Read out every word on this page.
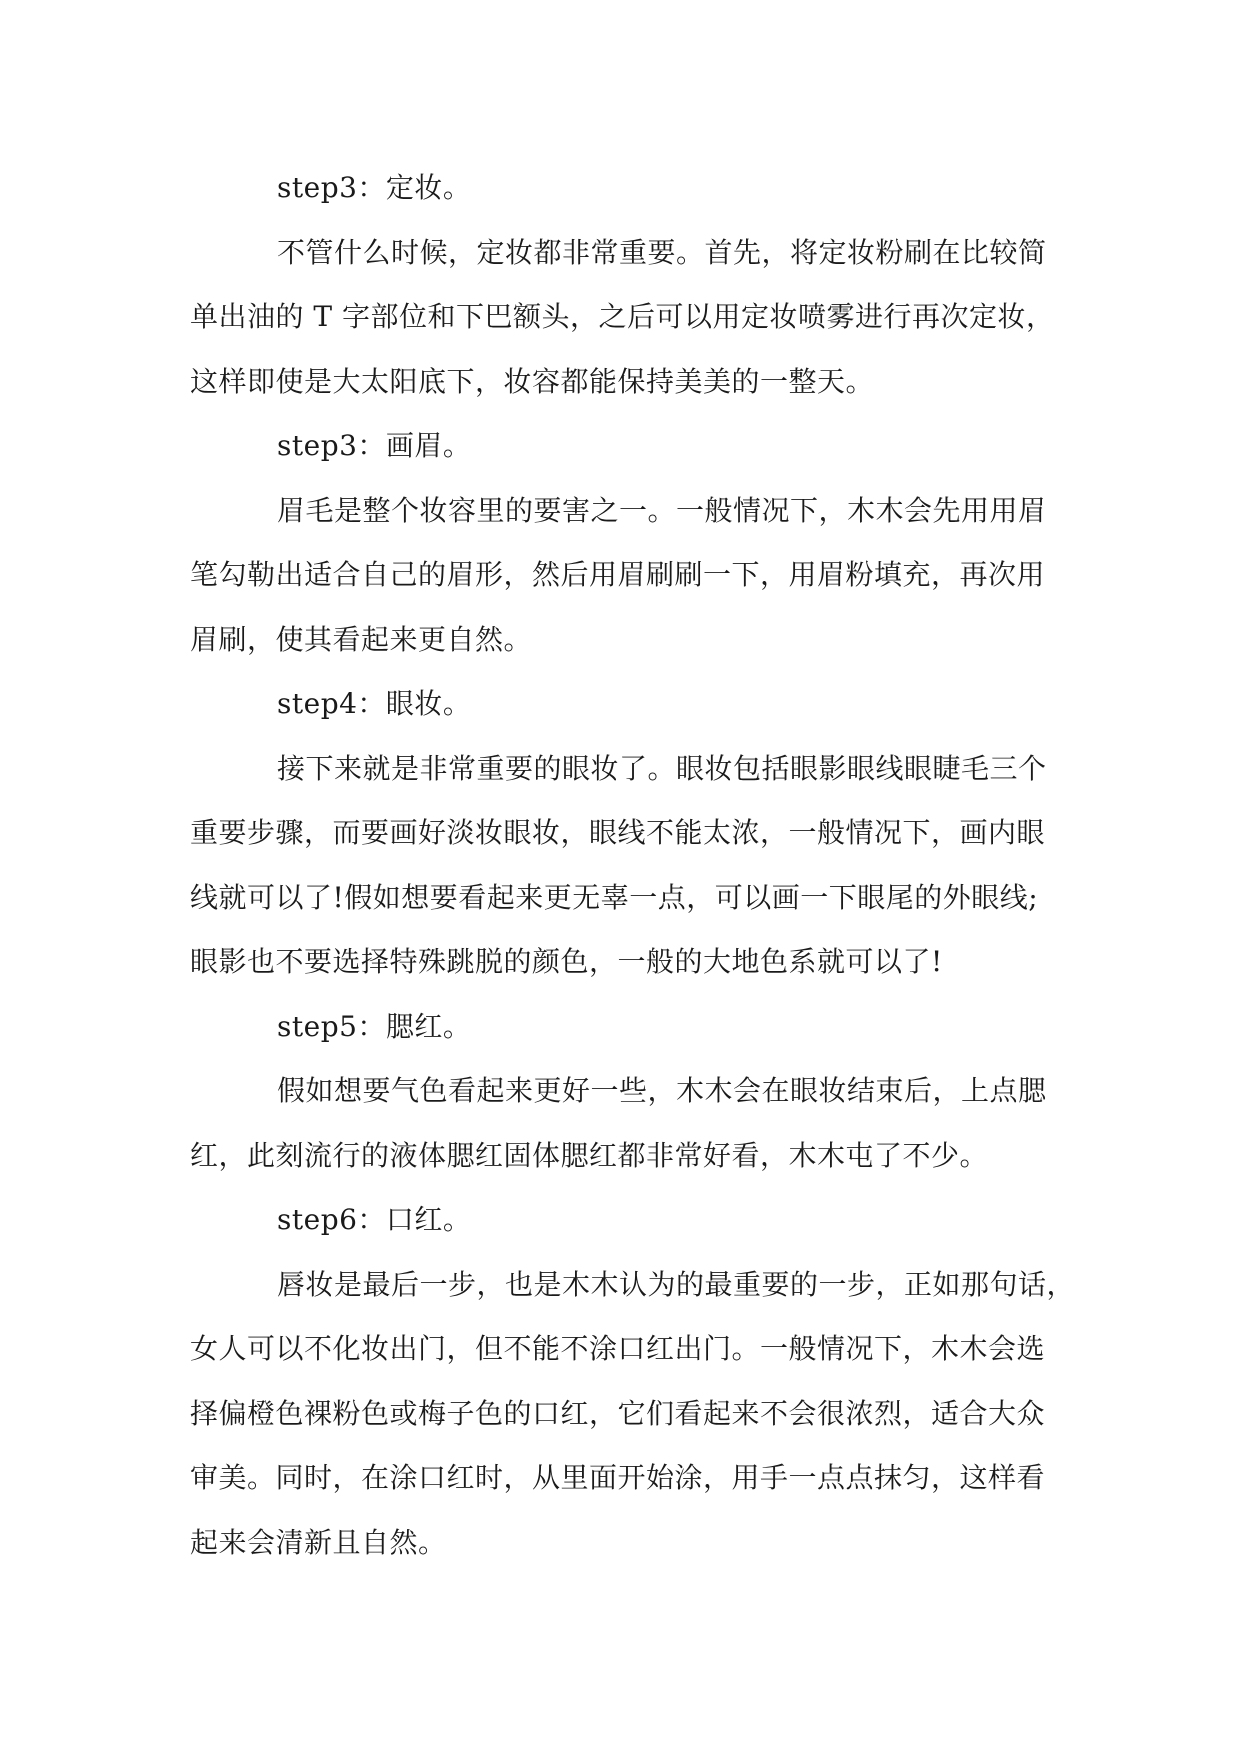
step3：定妆。
不管什么时候，定妆都非常重要。首先，将定妆粉刷在比较简
单出油的 T 字部位和下巴额头，之后可以用定妆喷雾进行再次定妆，
这样即使是大太阳底下，妆容都能保持美美的一整天。
step3：画眉。
眉毛是整个妆容里的要害之一。一般情况下，木木会先用用眉
笔勾勒出适合自己的眉形，然后用眉刷刷一下，用眉粉填充，再次用
眉刷，使其看起来更自然。
step4：眼妆。
接下来就是非常重要的眼妆了。眼妆包括眼影眼线眼睫毛三个
重要步骤，而要画好淡妆眼妆，眼线不能太浓，一般情况下，画内眼
线就可以了!假如想要看起来更无辜一点，可以画一下眼尾的外眼线;
眼影也不要选择特殊跳脱的颜色，一般的大地色系就可以了!
step5：腮红。
假如想要气色看起来更好一些，木木会在眼妆结束后，上点腮
红，此刻流行的液体腮红固体腮红都非常好看，木木屯了不少。
step6：口红。
唇妆是最后一步，也是木木认为的最重要的一步，正如那句话，
女人可以不化妆出门，但不能不涂口红出门。一般情况下，木木会选
择偏橙色裸粉色或梅子色的口红，它们看起来不会很浓烈，适合大众
审美。同时，在涂口红时，从里面开始涂，用手一点点抹匀，这样看
起来会清新且自然。
